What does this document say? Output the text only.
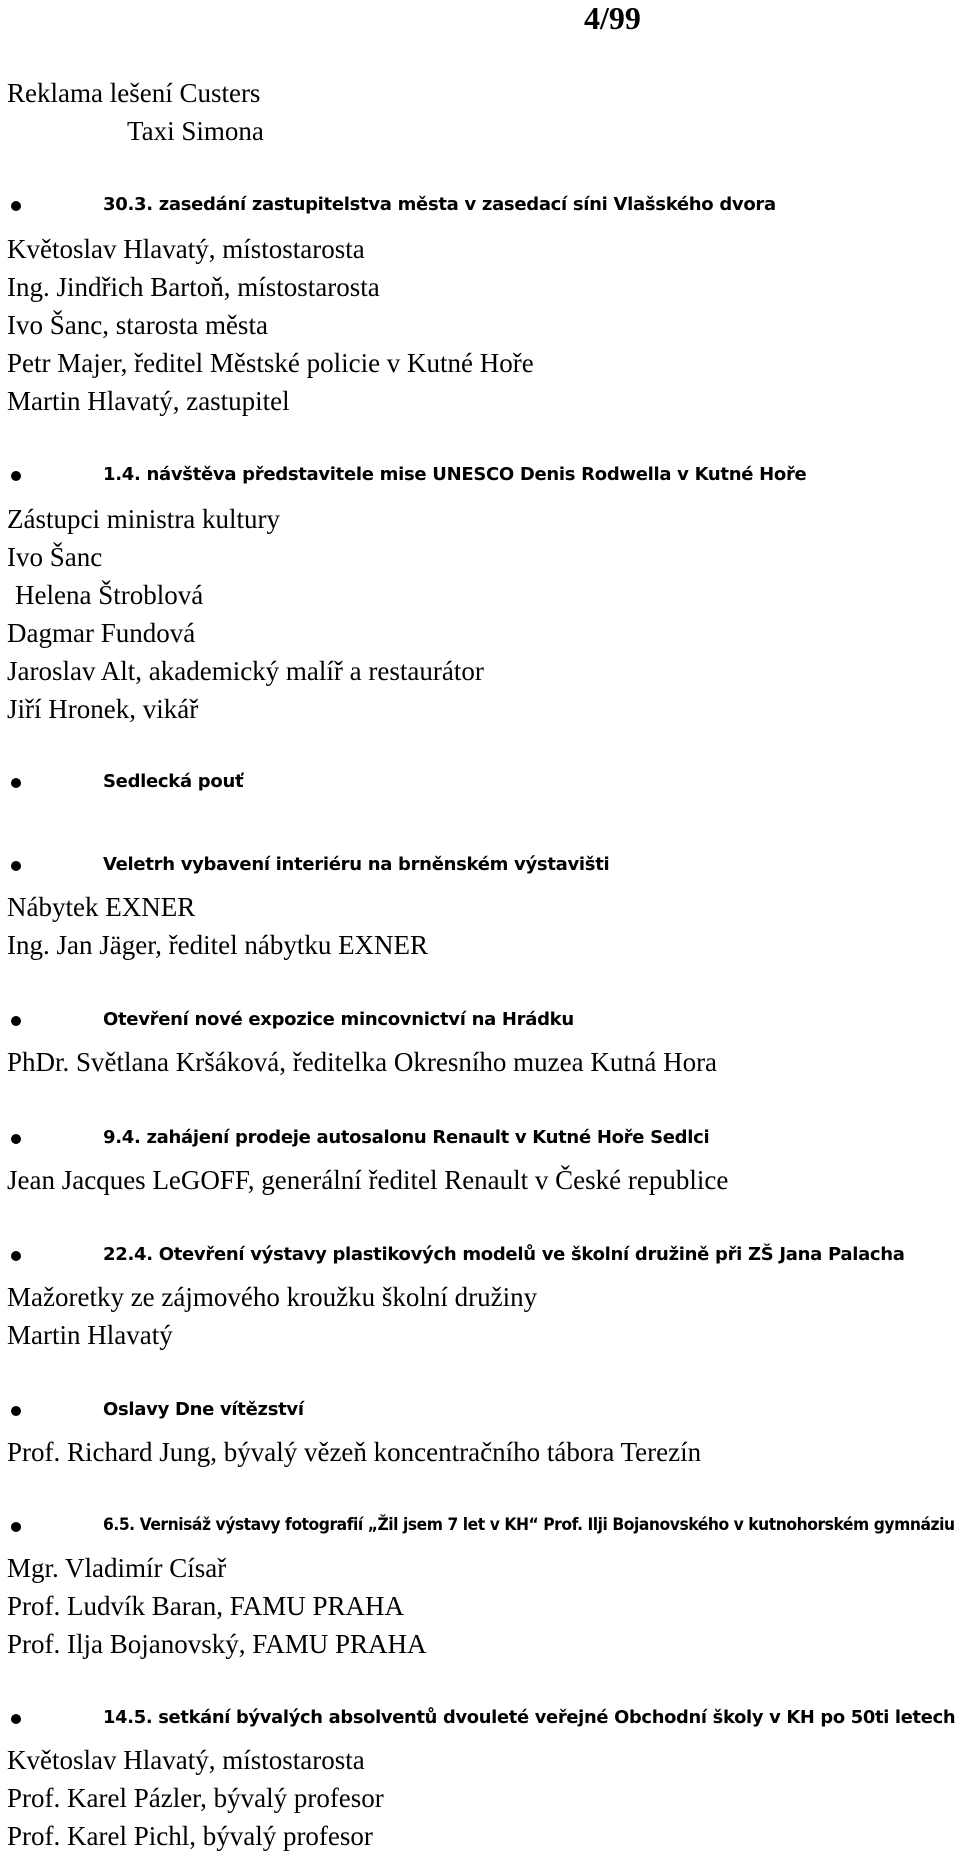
4/99
Reklama lešení Custers
Taxi Simona
30.3. zasedání zastupitelstva města v zasedací síni Vlašského dvora
Květoslav Hlavatý, místostarosta
Ing. Jindřich Bartoň, místostarosta
Ivo Šanc, starosta města
Petr Majer, ředitel Městské policie v Kutné Hoře
Martin Hlavatý, zastupitel
1.4. návštěva představitele mise UNESCO Denis Rodwella v Kutné Hoře
Zástupci ministra kultury
Ivo Šanc
Helena Štroblová
Dagmar Fundová
Jaroslav Alt, akademický malíř a restaurátor
Jiří Hronek, vikář
Sedlecká pouť
Veletrh vybavení interiéru na brněnském výstavišti
Nábytek EXNER
Ing. Jan Jäger, ředitel nábytku EXNER
Otevření nové expozice mincovnictví na Hrádku
PhDr. Světlana Kršáková, ředitelka Okresního muzea Kutná Hora
9.4. zahájení prodeje autosalonu Renault v Kutné Hoře Sedlci
Jean Jacques LeGOFF, generální ředitel Renault v České republice
22.4. Otevření výstavy plastikových modelů ve školní družině při ZŠ Jana Palacha
Mažoretky ze zájmového kroužku školní družiny
Martin Hlavatý
Oslavy Dne vítězství
Prof. Richard Jung, bývalý vězeň koncentračního tábora Terezín
6.5. Vernisáž výstavy fotografií „Žil jsem 7 let v KH“ Prof. Ilji Bojanovského v kutnohorském gymnáziu
Mgr. Vladimír Císař
Prof. Ludvík Baran, FAMU PRAHA
Prof. Ilja Bojanovský, FAMU PRAHA
14.5. setkání bývalých absolventů dvouleté veřejné Obchodní školy v KH po 50ti letech
Květoslav Hlavatý, místostarosta
Prof. Karel Pázler, bývalý profesor
Prof. Karel Pichl, bývalý profesor
